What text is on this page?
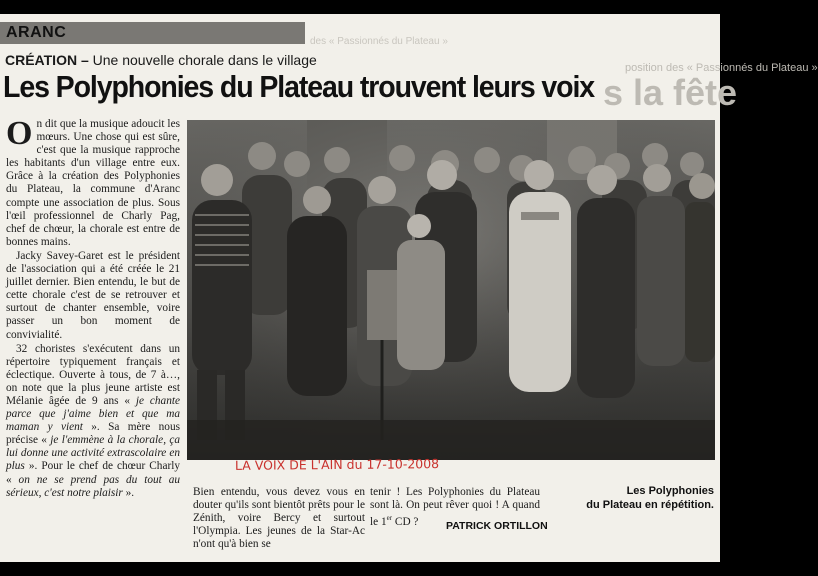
des « Passionnés du Plateau »
position des « Passionnés du Plateau »
s la fête
ARANC
CRÉATION – Une nouvelle chorale dans le village
Les Polyphonies du Plateau trouvent leurs voix

On dit que la musique adoucit les mœurs. Une chose qui est sûre, c'est que la musique rapproche les habitants d'un village entre eux. Grâce à la création des Polyphonies du Plateau, la commune d'Aranc compte une association de plus. Sous l'œil professionnel de Charly Pag, chef de chœur, la chorale est entre de bonnes mains.

Jacky Savey-Garet est le président de l'association qui a été créée le 21 juillet dernier. Bien entendu, le but de cette chorale c'est de se retrouver et surtout de chanter ensemble, voire passer un bon moment de convivialité.

32 choristes s'exécutent dans un répertoire typiquement français et éclectique. Ouverte à tous, de 7 à…, on note que la plus jeune artiste est Mélanie âgée de 9 ans « je chante parce que j'aime bien et que ma maman y vient ». Sa mère nous précise « je l'emmène à la chorale, ça lui donne une activité extrascolaire en plus ». Pour le chef de chœur Charly « on ne se prend pas du tout au sérieux, c'est notre plaisir ».

LA VOIX DE L'AIN du 17-10-2008
Bien entendu, vous devez vous en douter qu'ils sont bientôt prêts pour le Zénith, voire Bercy et surtout l'Olympia. Les jeunes de la Star-Ac n'ont qu'à bien se
tenir ! Les Polyphonies du Plateau sont là. On peut rêver quoi ! A quand le 1er CD ?	PATRICK ORTILLON
Les Polyphonies
du Plateau en répétition.
